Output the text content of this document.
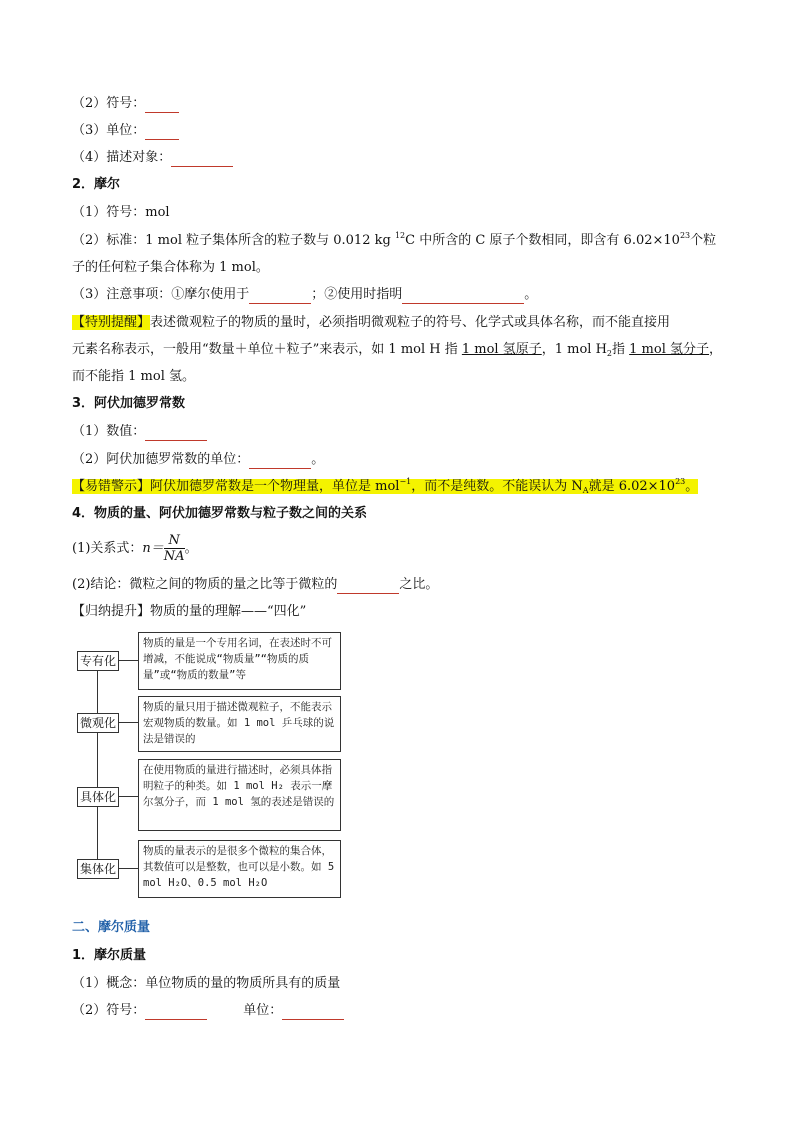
（2）符号：
（3）单位：
（4）描述对象：
2．摩尔
（1）符号：mol
（2）标准：1 mol 粒子集体所含的粒子数与 0.012 kg $^{12}$C 中所含的 C 原子个数相同，即含有 $6.02\times 10^{23}$个粒
子的任何粒子集合体称为 1 mol。
（3）注意事项：①摩尔使用于	；②使用时指明	。
【特别提醒】表述微观粒子的物质的量时，必须指明微观粒子的符号、化学式或具体名称，而不能直接用
元素名称表示，一般用“数量＋单位＋粒子”来表示，如 1 mol H 指 1 mol 氢原子，1 mol $H_2$指 1 mol 氢分子，
而不能指 1 mol 氢。
3．阿伏加德罗常数
（1）数值：
（2）阿伏加德罗常数的单位：	。
【易错警示】阿伏加德罗常数是一个物理量，单位是 mol$^{-1}$，而不是纯数。不能误认为 $N_A$就是 $6.02\times 10^{23}$。
4．物质的量、阿伏加德罗常数与粒子数之间的关系
(1)关系式：$n= \frac{N}{NA}$ 。
(2)结论：微粒之间的物质的量之比等于微粒的	之比。
【归纳提升】物质的量的理解——“四化”
专有化
物质的量是一个专用名词，在表述时不可增减，不能说成“物质量”“物质的质量”或“物质的数量”等
微观化
物质的量只用于描述微观粒子，不能表示宏观物质的数量。如 1 mol 乒乓球的说法是错误的
具体化
在使用物质的量进行描述时，必须具体指明粒子的种类。如 1 mol H₂ 表示一摩尔氢分子，而 1 mol 氢的表述是错误的
集体化
物质的量表示的是很多个微粒的集合体，其数值可以是整数，也可以是小数。如 5 mol H₂O、0.5 mol H₂O
二、摩尔质量
1．摩尔质量
（1）概念：单位物质的量的物质所具有的质量
（2）符号：	单位：
